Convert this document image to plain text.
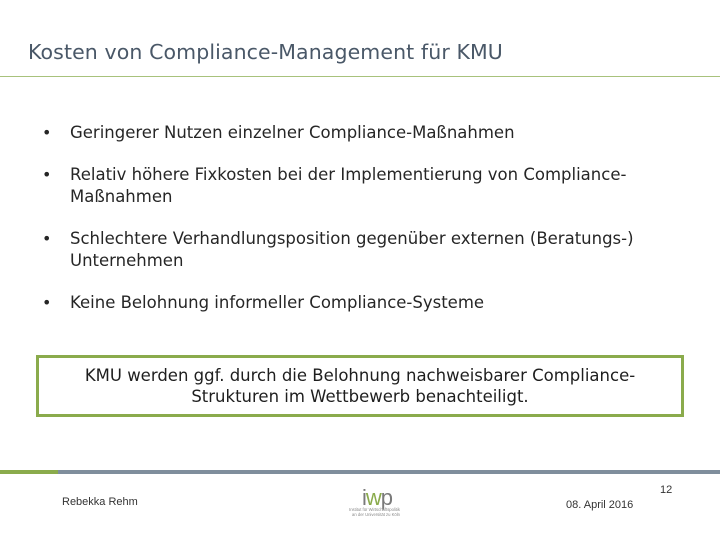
Kosten von Compliance-Management für KMU
• Geringerer Nutzen einzelner Compliance-Maßnahmen
• Relativ höhere Fixkosten bei der Implementierung von Compliance-Maßnahmen
• Schlechtere Verhandlungsposition gegenüber externen (Beratungs-) Unternehmen
• Keine Belohnung informeller Compliance-Systeme
KMU werden ggf. durch die Belohnung nachweisbarer Compliance-Strukturen im Wettbewerb benachteiligt.
Rebekka Rehm	iwp
Institut für Wirtschaftspolitik
an der Universität zu Köln
12
08. April 2016
